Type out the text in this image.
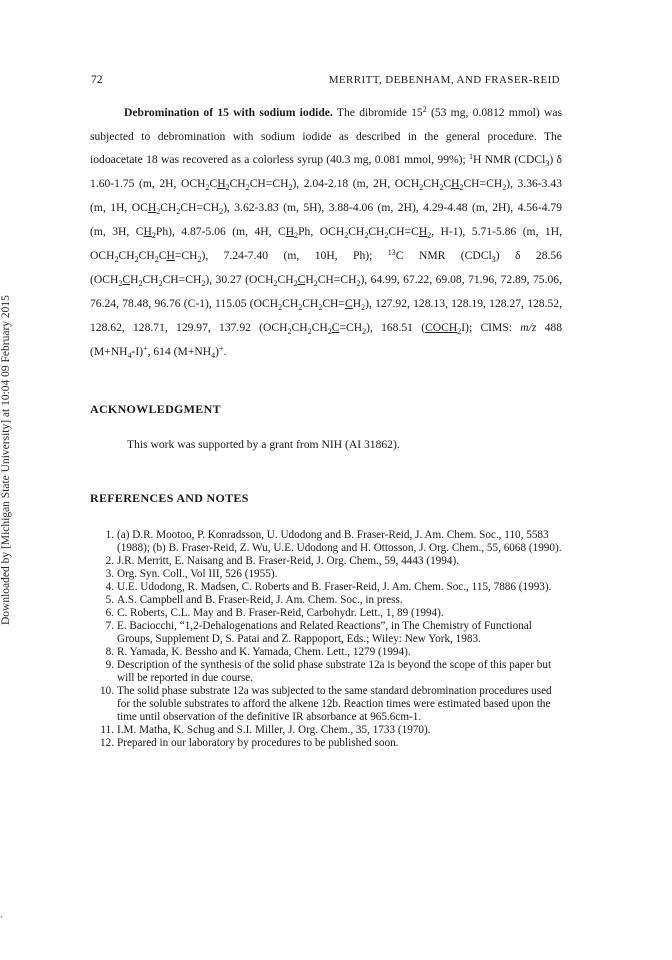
72	MERRITT, DEBENHAM, AND FRASER-REID
Downloaded by [Michigan State University] at 10:04 09 February 2015

Debromination of 15 with sodium iodide. The dibromide $15^2$ (53 mg, 0.0812 mmol) was subjected to debromination with sodium iodide as described in the general procedure. The iodoacetate 18 was recovered as a colorless syrup (40.3 mg, 0.081 mmol, 99%); $^1$H NMR (CDCl$_3$) δ 1.60-1.75 (m, 2H, $OCH_2CH_2CH_2CH=CH_2$), 2.04-2.18 (m, 2H, $OCH_2CH_2CH_2CH=CH_2$), 3.36-3.43 (m, 1H, $OCH_2CH_2CH=CH_2$), 3.62-3.83 (m, 5H), 3.88-4.06 (m, 2H), 4.29-4.48 (m, 2H), 4.56-4.79 (m, 3H, $CH_2Ph$), 4.87-5.06 (m, 4H, $CH_2Ph$, $OCH_2CH_2CH_2CH=CH_2$, H-1), 5.71-5.86 (m, 1H, $OCH_2CH_2CH_2CH=CH_2$), 7.24-7.40 (m, 10H, Ph); $^{13}$C NMR (CDCl$_3$) δ 28.56 $(OCH_2CH_2CH_2CH=CH_2)$, 30.27 $(OCH_2CH_2CH_2CH=CH_2)$, 64.99, 67.22, 69.08, 71.96, 72.89, 75.06, 76.24, 78.48, 96.76 (C-1), 115.05 $(OCH_2CH_2CH_2CH=CH_2)$, 127.92, 128.13, 128.19, 128.27, 128.52, 128.62, 128.71, 129.97, 137.92 $(OCH_2CH_2CH_2C=CH_2)$, 168.51 $(COCH_2I)$; CIMS: m/z 488 $(M+NH_4-I)^+$, 614 $(M+NH_4)^+$.

ACKNOWLEDGMENT

This work was supported by a grant from NIH (AI 31862).

REFERENCES AND NOTES
1. (a) D.R. Mootoo, P. Konradsson, U. Udodong and B. Fraser-Reid, J. Am. Chem. Soc., 110, 5583 (1988); (b) B. Fraser-Reid, Z. Wu, U.E. Udodong and H. Ottosson, J. Org. Chem., 55, 6068 (1990).
2. J.R. Merritt, E. Naisang and B. Fraser-Reid, J. Org. Chem., 59, 4443 (1994).
3. Org. Syn. Coll., Vol III, 526 (1955).
4. U.E. Udodong, R. Madsen, C. Roberts and B. Fraser-Reid, J. Am. Chem. Soc., 115, 7886 (1993).
5. A.S. Campbell and B. Fraser-Reid, J. Am. Chem. Soc., in press.
6. C. Roberts, C.L. May and B. Fraser-Reid, Carbohydr. Lett., 1, 89 (1994).
7. E. Baciocchi, “1,2-Dehalogenations and Related Reactions”, in The Chemistry of Functional Groups, Supplement D, S. Patai and Z. Rappoport, Eds.; Wiley: New York, 1983.
8. R. Yamada, K. Bessho and K. Yamada, Chem. Lett., 1279 (1994).
9. Description of the synthesis of the solid phase substrate 12a is beyond the scope of this paper but will be reported in due course.
10. The solid phase substrate 12a was subjected to the same standard debromination procedures used for the soluble substrates to afford the alkene 12b. Reaction times were estimated based upon the time until observation of the definitive IR absorbance at 965.6cm-1.
11. I.M. Matha, K. Schug and S.I. Miller, J. Org. Chem., 35, 1733 (1970).
12. Prepared in our laboratory by procedures to be published soon.
`
